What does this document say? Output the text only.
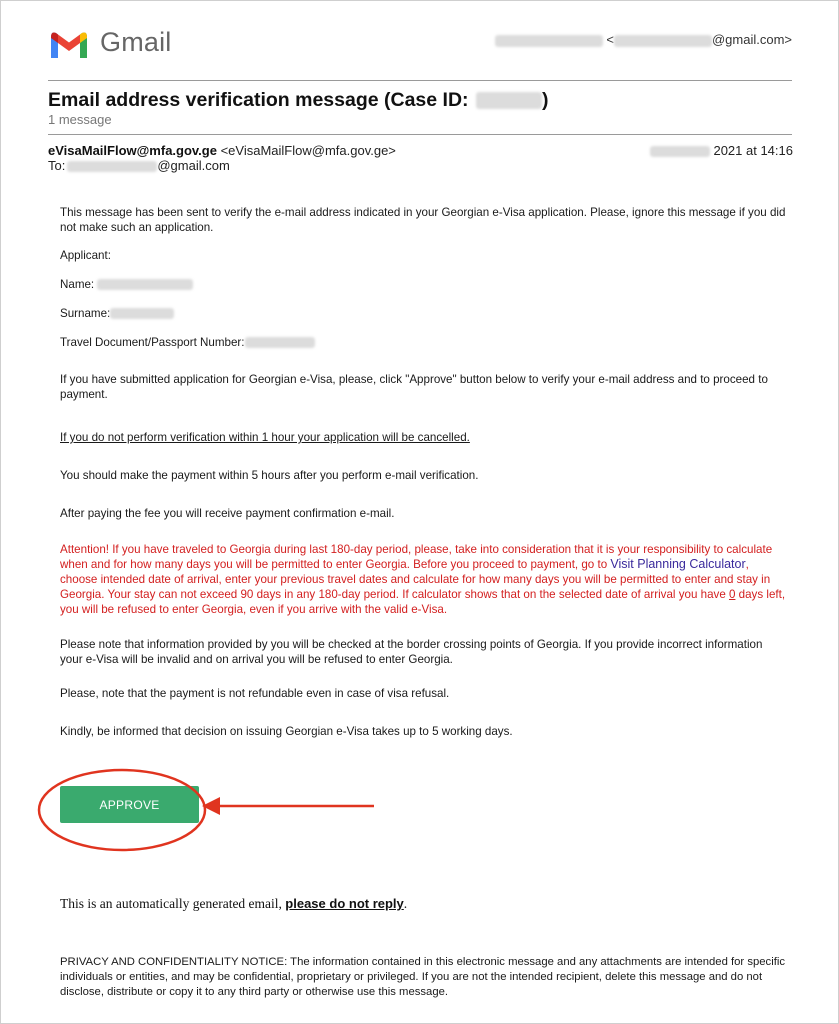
Gmail	<	@gmail.com>
Email address verification message (Case ID:	)
1 message
eVisaMailFlow@mfa.gov.ge <eVisaMailFlow@mfa.gov.ge>
To:	@gmail.com
2021 at 14:16

This message has been sent to verify the e-mail address indicated in your Georgian e-Visa application. Please, ignore this message if you did not make such an application.

Applicant:

Name:

Surname:

Travel Document/Passport Number:

If you have submitted application for Georgian e-Visa, please, click "Approve" button below to verify your e-mail address and to proceed to payment.

If you do not perform verification within 1 hour your application will be cancelled.

You should make the payment within 5 hours after you perform e-mail verification.

After paying the fee you will receive payment confirmation e-mail.

Attention! If you have traveled to Georgia during last 180-day period, please, take into consideration that it is your responsibility to calculate when and for how many days you will be permitted to enter Georgia. Before you proceed to payment, go to Visit Planning Calculator, choose intended date of arrival, enter your previous travel dates and calculate for how many days you will be permitted to enter and stay in Georgia. Your stay can not exceed 90 days in any 180-day period. If calculator shows that on the selected date of arrival you have 0 days left, you will be refused to enter Georgia, even if you arrive with the valid e-Visa.

Please note that information provided by you will be checked at the border crossing points of Georgia. If you provide incorrect information your e-Visa will be invalid and on arrival you will be refused to enter Georgia.

Please, note that the payment is not refundable even in case of visa refusal.

Kindly, be informed that decision on issuing Georgian e-Visa takes up to 5 working days.

APPROVE
This is an automatically generated email, please do not reply.
PRIVACY AND CONFIDENTIALITY NOTICE: The information contained in this electronic message and any attachments are intended for specific individuals or entities, and may be confidential, proprietary or privileged. If you are not the intended recipient, delete this message and do not disclose, distribute or copy it to any third party or otherwise use this message.
